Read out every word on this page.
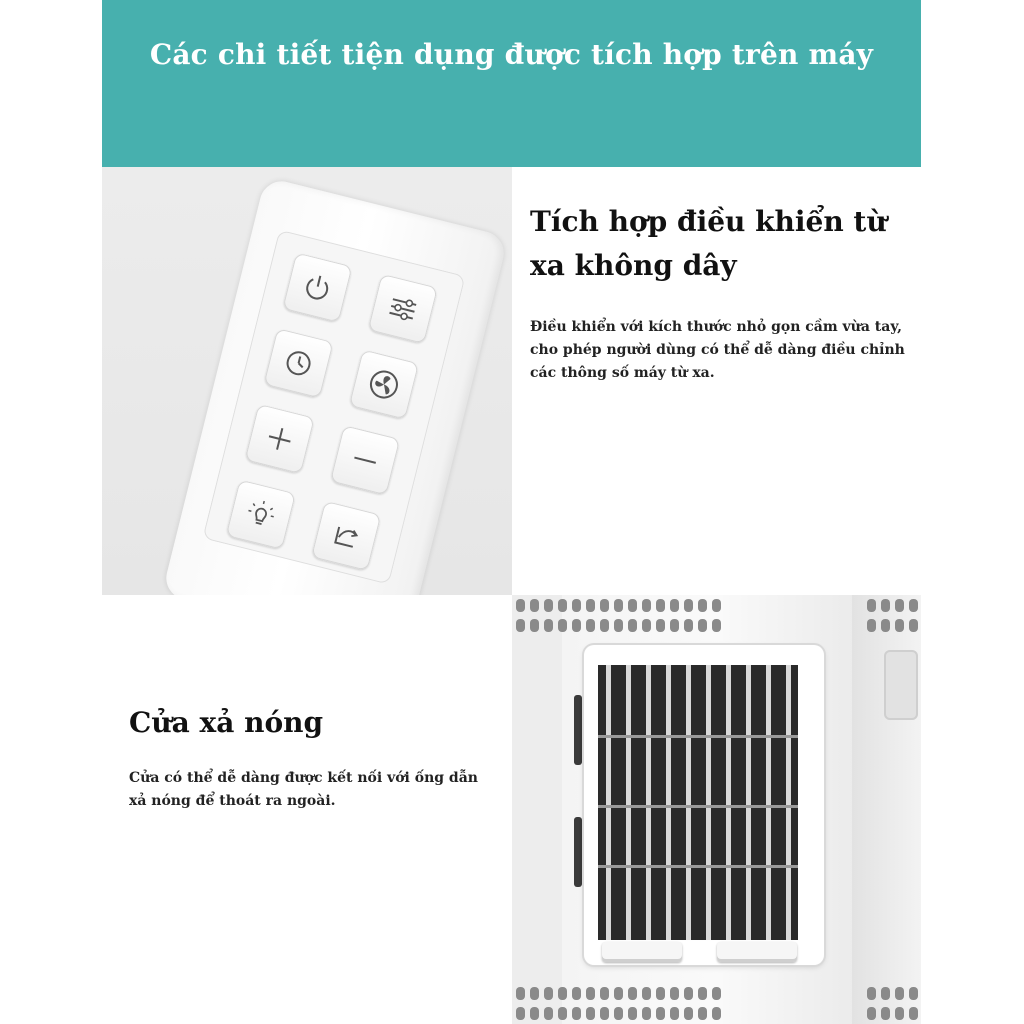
Các chi tiết tiện dụng được tích hợp trên máy
Tích hợp điều khiển từ xa không dây
Điều khiển với kích thước nhỏ gọn cầm vừa tay, cho phép người dùng có thể dễ dàng điều chỉnh các thông số máy từ xa.
Cửa xả nóng
Cửa có thể dễ dàng được kết nối với ống dẫn xả nóng để thoát ra ngoài.
